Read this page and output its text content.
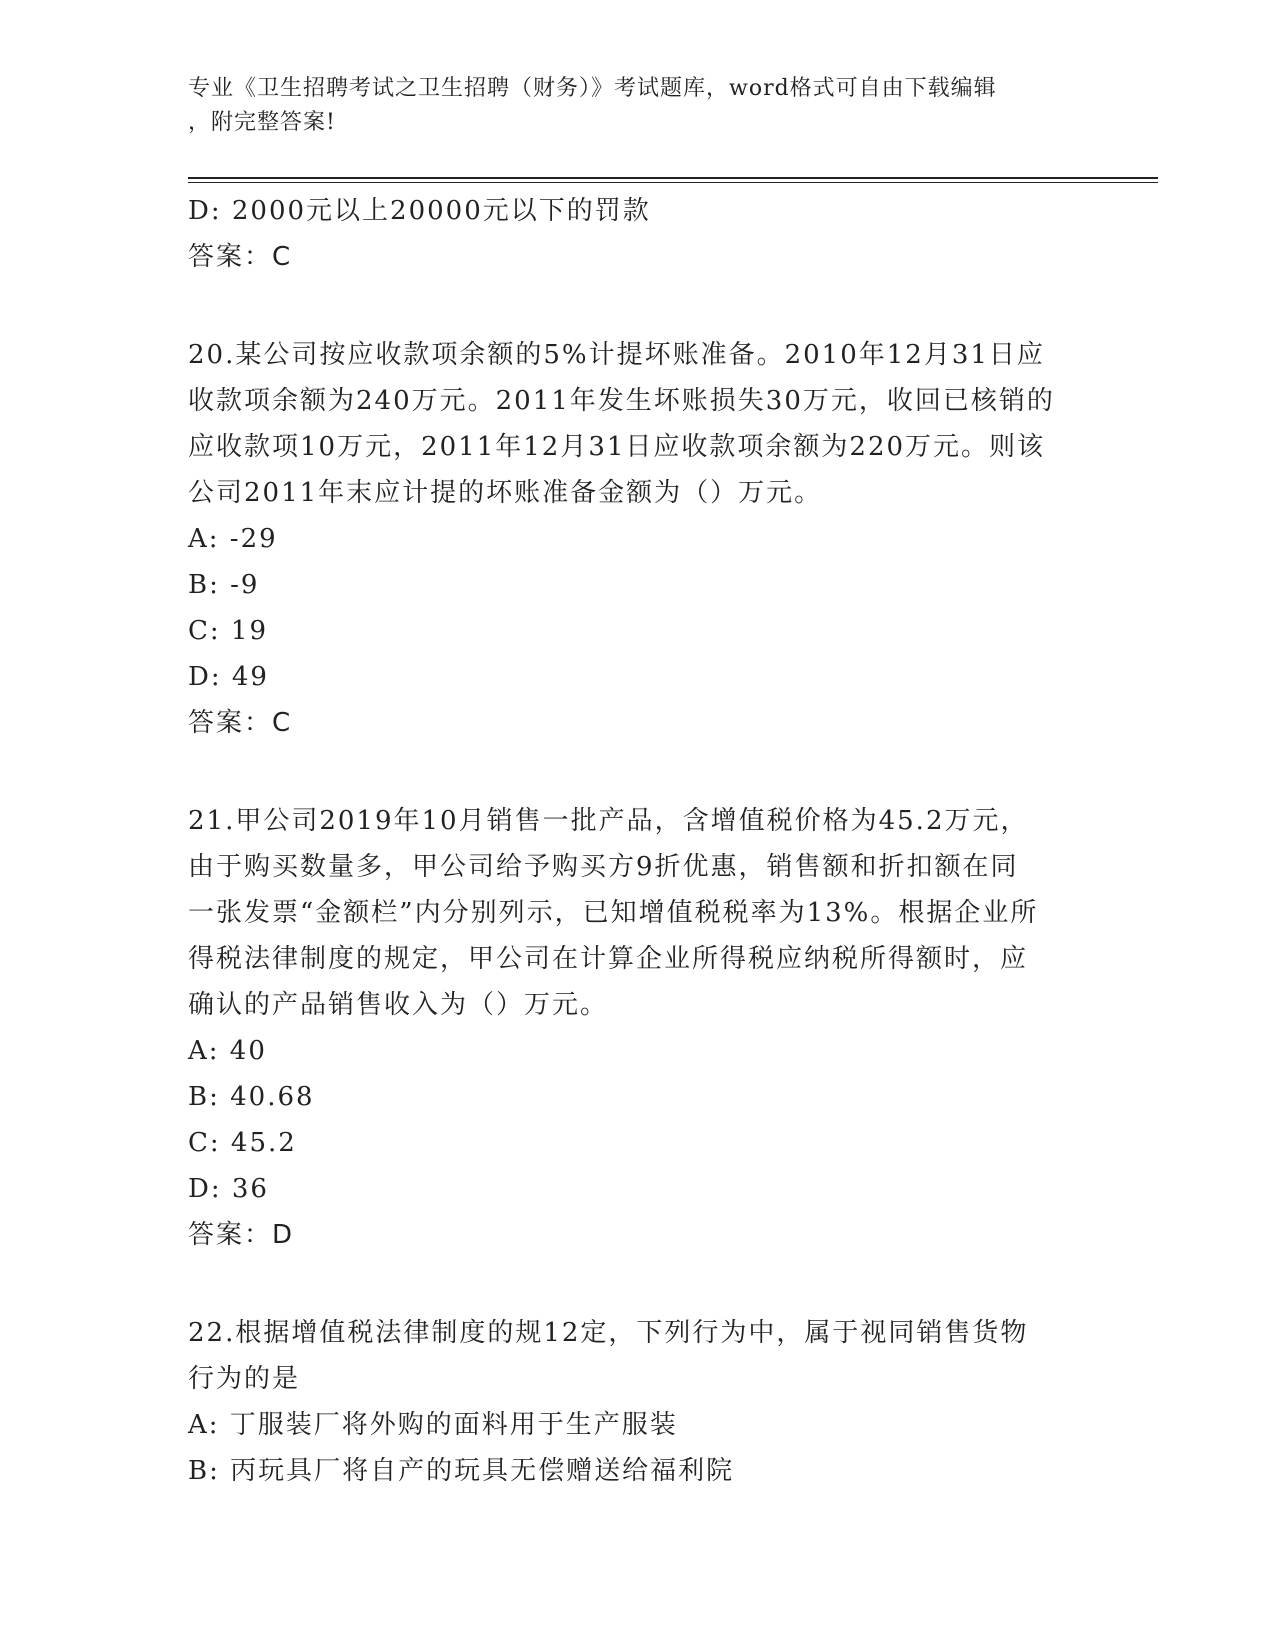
专业《卫生招聘考试之卫生招聘（财务）》考试题库，word格式可自由下载编辑
，附完整答案!
D: 2000元以上20000元以下的罚款
答案：C
20.某公司按应收款项余额的5%计提坏账准备。2010年12月31日应
收款项余额为240万元。2011年发生坏账损失30万元，收回已核销的
应收款项10万元，2011年12月31日应收款项余额为220万元。则该
公司2011年末应计提的坏账准备金额为（）万元。
A: -29
B: -9
C: 19
D: 49
答案：C
21.甲公司2019年10月销售一批产品，含增值税价格为45.2万元，
由于购买数量多，甲公司给予购买方9折优惠，销售额和折扣额在同
一张发票“金额栏”内分别列示，已知增值税税率为13%。根据企业所
得税法律制度的规定，甲公司在计算企业所得税应纳税所得额时，应
确认的产品销售收入为（）万元。
A: 40
B: 40.68
C: 45.2
D: 36
答案：D
22.根据增值税法律制度的规12定，下列行为中，属于视同销售货物
行为的是
A: 丁服装厂将外购的面料用于生产服装
B: 丙玩具厂将自产的玩具无偿赠送给福利院
